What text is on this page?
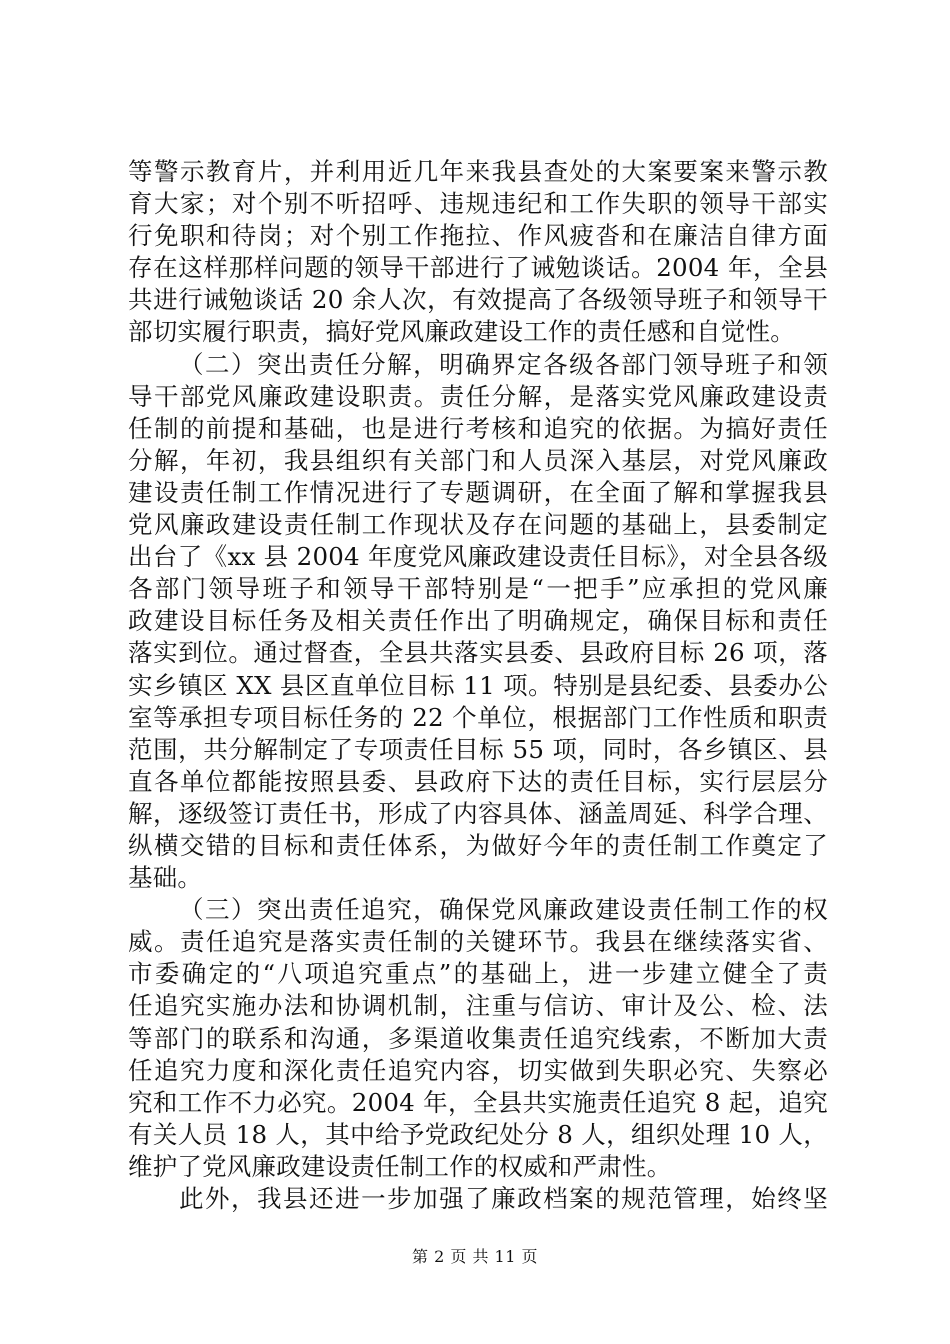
等警示教育片，并利用近几年来我县查处的大案要案来警示教
育大家；对个别不听招呼、违规违纪和工作失职的领导干部实
行免职和待岗；对个别工作拖拉、作风疲沓和在廉洁自律方面
存在这样那样问题的领导干部进行了诫勉谈话。2004 年，全县
共进行诫勉谈话 20 余人次，有效提高了各级领导班子和领导干
部切实履行职责，搞好党风廉政建设工作的责任感和自觉性。
（二）突出责任分解，明确界定各级各部门领导班子和领
导干部党风廉政建设职责。责任分解，是落实党风廉政建设责
任制的前提和基础，也是进行考核和追究的依据。为搞好责任
分解，年初，我县组织有关部门和人员深入基层，对党风廉政
建设责任制工作情况进行了专题调研，在全面了解和掌握我县
党风廉政建设责任制工作现状及存在问题的基础上，县委制定
出台了《xx 县 2004 年度党风廉政建设责任目标》，对全县各级
各部门领导班子和领导干部特别是“一把手”应承担的党风廉
政建设目标任务及相关责任作出了明确规定，确保目标和责任
落实到位。通过督查，全县共落实县委、县政府目标 26 项，落
实乡镇区 XX 县区直单位目标 11 项。特别是县纪委、县委办公
室等承担专项目标任务的 22 个单位，根据部门工作性质和职责
范围，共分解制定了专项责任目标 55 项，同时，各乡镇区、县
直各单位都能按照县委、县政府下达的责任目标，实行层层分
解，逐级签订责任书，形成了内容具体、涵盖周延、科学合理、
纵横交错的目标和责任体系，为做好今年的责任制工作奠定了
基础。
（三）突出责任追究，确保党风廉政建设责任制工作的权
威。责任追究是落实责任制的关键环节。我县在继续落实省、
市委确定的“八项追究重点”的基础上，进一步建立健全了责
任追究实施办法和协调机制，注重与信访、审计及公、检、法
等部门的联系和沟通，多渠道收集责任追究线索，不断加大责
任追究力度和深化责任追究内容，切实做到失职必究、失察必
究和工作不力必究。2004 年，全县共实施责任追究 8 起，追究
有关人员 18 人，其中给予党政纪处分 8 人，组织处理 10 人，
维护了党风廉政建设责任制工作的权威和严肃性。
此外，我县还进一步加强了廉政档案的规范管理，始终坚
第 2 页 共 11 页
